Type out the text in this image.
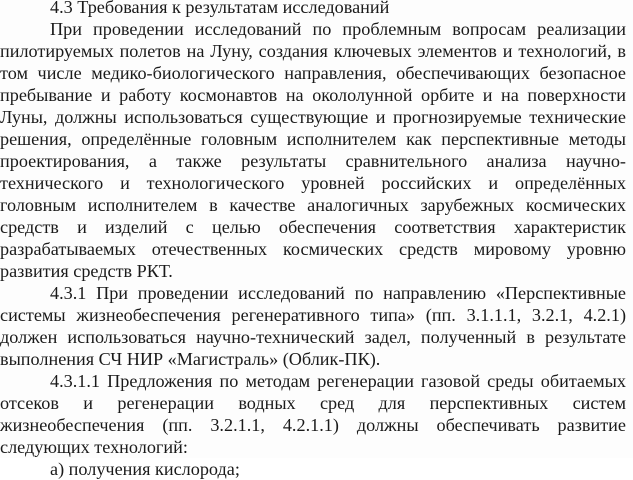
4.3 Требования к результатам исследований
При проведении исследований по проблемным вопросам реализации
пилотируемых полетов на Луну, создания ключевых элементов и технологий, в
том числе медико-биологического направления, обеспечивающих безопасное
пребывание и работу космонавтов на окололунной орбите и на поверхности
Луны, должны использоваться существующие и прогнозируемые технические
решения, определённые головным исполнителем как перспективные методы
проектирования, а также результаты сравнительного анализа научно-
технического и технологического уровней российских и определённых
головным исполнителем в качестве аналогичных зарубежных космических
средств и изделий с целью обеспечения соответствия характеристик
разрабатываемых отечественных космических средств мировому уровню
развития средств РКТ.
4.3.1 При проведении исследований по направлению «Перспективные
системы жизнеобеспечения регенеративного типа» (пп. 3.1.1.1, 3.2.1, 4.2.1)
должен использоваться научно-технический задел, полученный в результате
выполнения СЧ НИР «Магистраль» (Облик-ПК).
4.3.1.1 Предложения по методам регенерации газовой среды обитаемых
отсеков и регенерации водных сред для перспективных систем
жизнеобеспечения (пп. 3.2.1.1, 4.2.1.1) должны обеспечивать развитие
следующих технологий:
а) получения кислорода;
